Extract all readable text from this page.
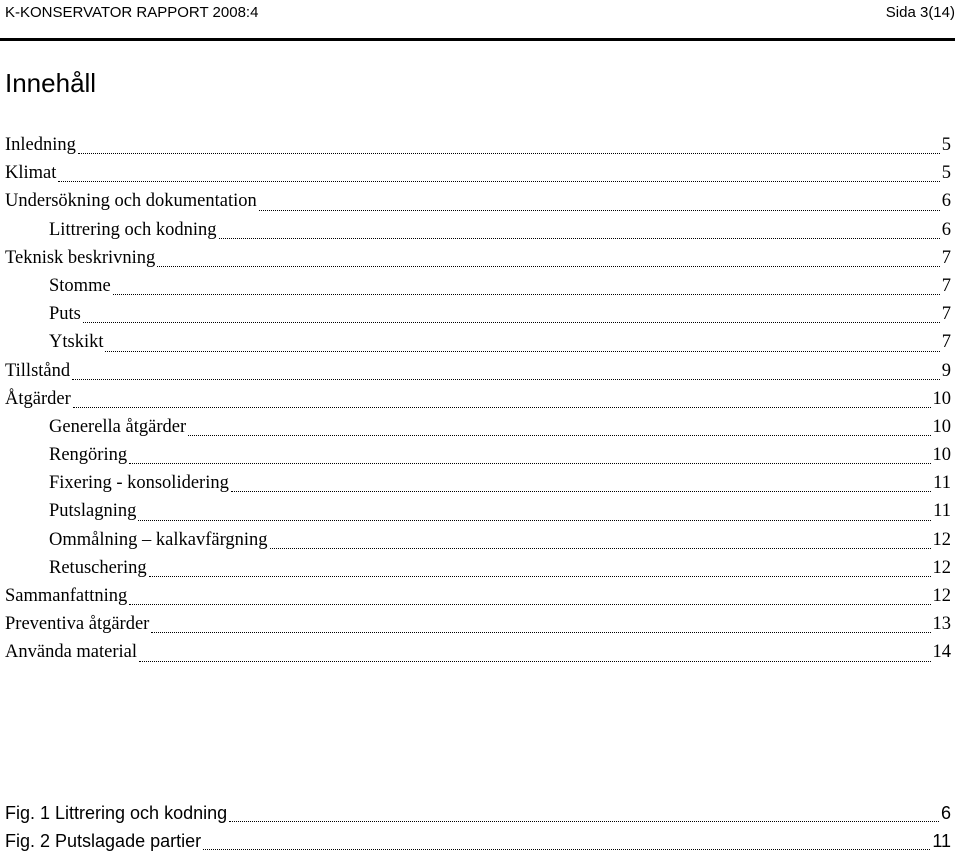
K-KONSERVATOR RAPPORT 2008:4	Sida 3(14)
Innehåll
Inledning	5
Klimat	5
Undersökning och dokumentation	6
Littrering och kodning	6
Teknisk beskrivning	7
Stomme	7
Puts	7
Ytskikt	7
Tillstånd	9
Åtgärder	10
Generella åtgärder	10
Rengöring	10
Fixering - konsolidering	11
Putslagning	11
Ommålning – kalkavfärgning	12
Retuschering	12
Sammanfattning	12
Preventiva åtgärder	13
Använda material	14
Fig. 1 Littrering och kodning	6
Fig. 2 Putslagade partier	11
